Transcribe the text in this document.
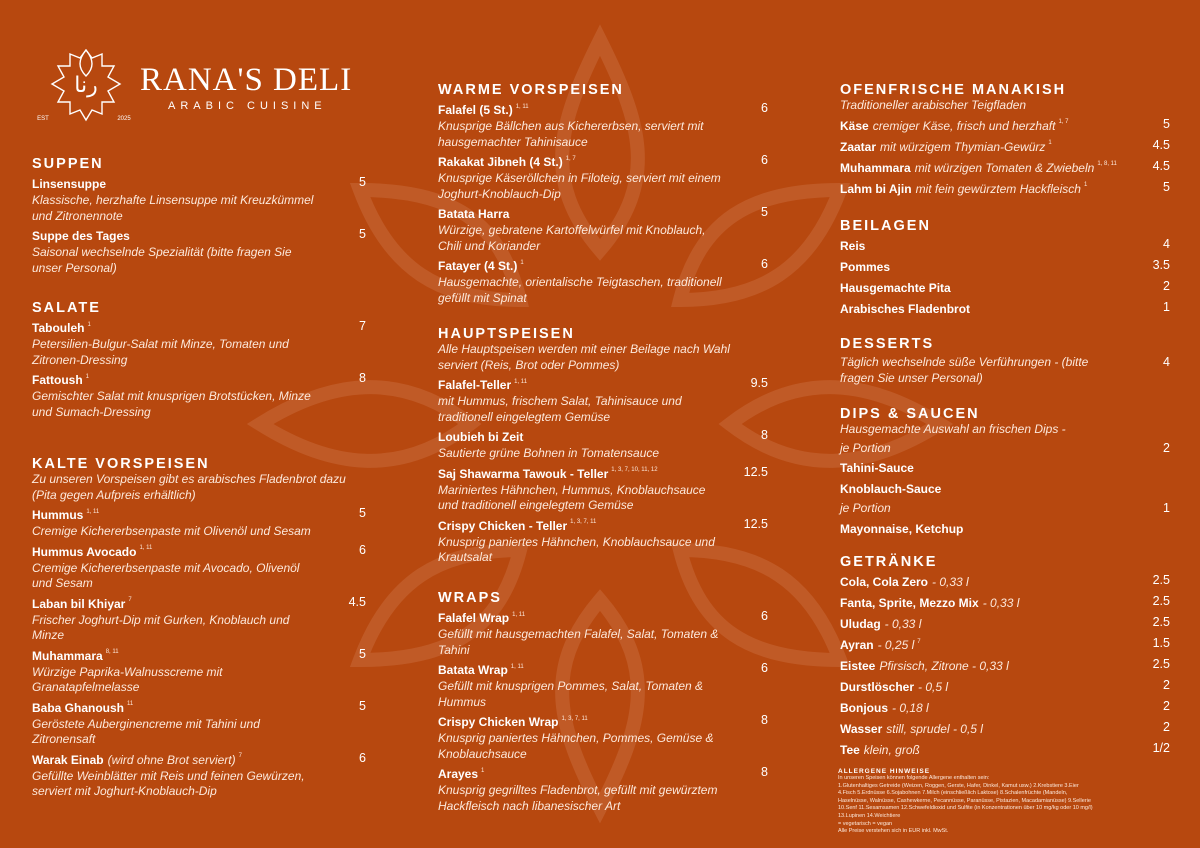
رنا RANA'S DELI
ARABIC CUISINE
EST	2025
SUPPEN
Linsensuppe
Klassische, herzhafte Linsensuppe mit Kreuzkümmel und Zitronennote
5
Suppe des Tages
Saisonal wechselnde Spezialität (bitte fragen Sie unser Personal)
5
SALATE
Tabouleh $^1$
Petersilien-Bulgur-Salat mit Minze, Tomaten und Zitronen-Dressing
7
Fattoush $^1$
Gemischter Salat mit knusprigen Brotstücken, Minze und Sumach-Dressing
8
KALTE VORSPEISEN
Zu unseren Vorspeisen gibt es arabisches Fladenbrot dazu (Pita gegen Aufpreis erhältlich)
Hummus $^{1, 11}$
Cremige Kichererbsenpaste mit Olivenöl und Sesam
5
Hummus Avocado $^{1, 11}$
Cremige Kichererbsenpaste mit Avocado, Olivenöl und Sesam
6
Laban bil Khiyar $^7$
Frischer Joghurt-Dip mit Gurken, Knoblauch und Minze
4.5
Muhammara $^{8, 11}$
Würzige Paprika-Walnusscreme mit Granatapfelmelasse
5
Baba Ghanoush $^{11}$
Geröstete Auberginencreme mit Tahini und Zitronensaft
5
Warak Einab (wird ohne Brot serviert) $^7$
Gefüllte Weinblätter mit Reis und feinen Gewürzen, serviert mit Joghurt-Knoblauch-Dip
6
WARME VORSPEISEN
Falafel (5 St.) $^{1, 11}$
Knusprige Bällchen aus Kichererbsen, serviert mit hausgemachter Tahinisauce
6
Rakakat Jibneh (4 St.) $^{1, 7}$
Knusprige Käseröllchen in Filoteig, serviert mit einem Joghurt-Knoblauch-Dip
6
Batata Harra
Würzige, gebratene Kartoffelwürfel mit Knoblauch, Chili und Koriander
5
Fatayer (4 St.) $^1$
Hausgemachte, orientalische Teigtaschen, traditionell gefüllt mit Spinat
6
HAUPTSPEISEN
Alle Hauptspeisen werden mit einer Beilage nach Wahl serviert (Reis, Brot oder Pommes)
Falafel-Teller $^{1, 11}$
mit Hummus, frischem Salat, Tahinisauce und traditionell eingelegtem Gemüse
9.5
Loubieh bi Zeit
Sautierte grüne Bohnen in Tomatensauce
8
Saj Shawarma Tawouk - Teller $^{1, 3, 7, 10, 11, 12}$
Mariniertes Hähnchen, Hummus, Knoblauchsauce und traditionell eingelegtem Gemüse
12.5
Crispy Chicken - Teller $^{1, 3, 7, 11}$
Knusprig paniertes Hähnchen, Knoblauchsauce und Krautsalat
12.5
WRAPS
Falafel Wrap $^{1, 11}$
Gefüllt mit hausgemachten Falafel, Salat, Tomaten & Tahini
6
Batata Wrap $^{1, 11}$
Gefüllt mit knusprigen Pommes, Salat, Tomaten & Hummus
6
Crispy Chicken Wrap $^{1, 3, 7, 11}$
Knusprig paniertes Hähnchen, Pommes, Gemüse & Knoblauchsauce
8
Arayes $^1$
Knusprig gegrilltes Fladenbrot, gefüllt mit gewürztem Hackfleisch nach libanesischer Art
8
OFENFRISCHE MANAKISH
Traditioneller arabischer Teigfladen
Käse cremiger Käse, frisch und herzhaft $^{1, 7}$	5
Zaatar mit würzigem Thymian-Gewürz $^1$	4.5
Muhammara mit würzigen Tomaten & Zwiebeln $^{1, 8, 11}$	4.5
Lahm bi Ajin mit fein gewürztem Hackfleisch $^1$	5
BEILAGEN
Reis	4
Pommes	3.5
Hausgemachte Pita	2
Arabisches Fladenbrot	1
DESSERTS
Täglich wechselnde süße Verführungen - (bitte fragen Sie unser Personal)
4
DIPS & SAUCEN
Hausgemachte Auswahl an frischen Dips -
je Portion	2
Tahini-Sauce
Knoblauch-Sauce
je Portion	1
Mayonnaise, Ketchup
GETRÄNKE
Cola, Cola Zero - 0,33 l	2.5
Fanta, Sprite, Mezzo Mix - 0,33 l	2.5
Uludag - 0,33 l	2.5
Ayran - 0,25 l $^7$	1.5
Eistee Pfirsisch, Zitrone - 0,33 l	2.5
Durstlöscher - 0,5 l	2
Bonjous - 0,18 l	2
Wasser still, sprudel - 0,5 l	2
Tee klein, groß	1/2
ALLERGENE HINWEISE
In unseren Speisen können folgende Allergene enthalten sein:
1.Glutenhaltiges Getreide (Weizen, Roggen, Gerste, Hafer, Dinkel, Kamut usw.) 2.Krebstiere 3.Eier
4.Fisch 5.Erdnüsse 6.Sojabohnen 7.Milch (einschließlich Laktose) 8.Schalenfrüchte (Mandeln,
Haselnüsse, Walnüsse, Cashewkerne, Pecannüsse, Paranüsse, Pistazien, Macadamianüsse) 9.Sellerie
10.Senf 11.Sesamsamen 12.Schwefeldioxid und Sulfite (in Konzentrationen über 10 mg/kg oder 10 mg/l)
13.Lupinen 14.Weichtiere
= vegetarisch = vegan
Alle Preise verstehen sich in EUR inkl. MwSt.
